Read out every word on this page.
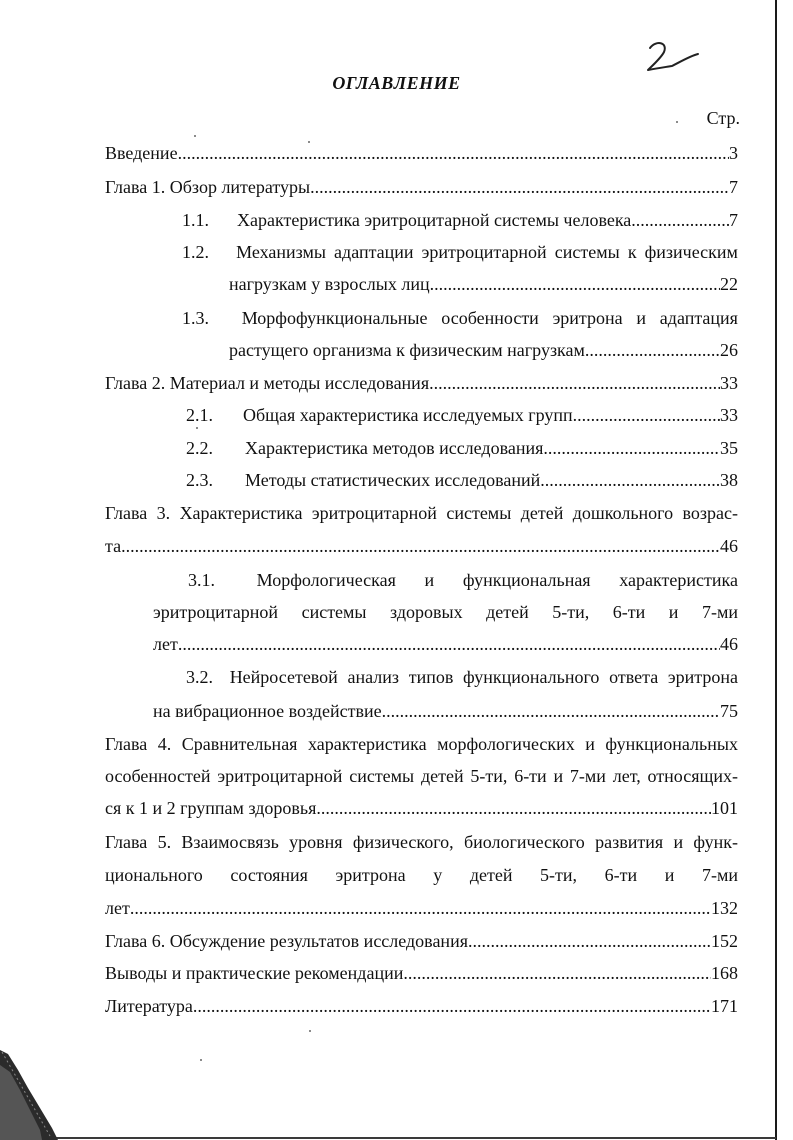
ОГЛАВЛЕНИЕ
Стр.
Введение .....	3
Глава 1. Обзор литературы .....	7
1.1.	Характеристика эритроцитарной системы человека .....	7
1.2.	Механизмы адаптации эритроцитарной системы к физическим
нагрузкам у взрослых лиц .....	22
1.3.	Морфофункциональные особенности эритрона и адаптация
растущего организма к физическим нагрузкам .....	26
Глава 2. Материал и методы исследования .....	33
2.1.	Общая характеристика исследуемых групп .....	33
2.2.	Характеристика методов исследования .....	35
2.3.	Методы статистических исследований .....	38
Глава 3. Характеристика эритроцитарной системы детей дошкольного возрас-
та .....	46
3.1.	Морфологическая и функциональная характеристика
эритроцитарной системы здоровых детей 5-ти, 6-ти и 7-ми
лет .....	46
3.2. Нейросетевой анализ типов функционального ответа эритрона
на вибрационное воздействие .....	75
Глава 4. Сравнительная характеристика морфологических и функциональных
особенностей эритроцитарной системы детей 5-ти, 6-ти и 7-ми лет, относящих-
ся к 1 и 2 группам здоровья .....	101
Глава 5. Взаимосвязь уровня физического, биологического развития и функ-
ционального состояния эритрона у детей 5-ти, 6-ти и 7-ми
лет .....	132
Глава 6. Обсуждение результатов исследования .....	152
Выводы и практические рекомендации .....	168
Литература .....	171
